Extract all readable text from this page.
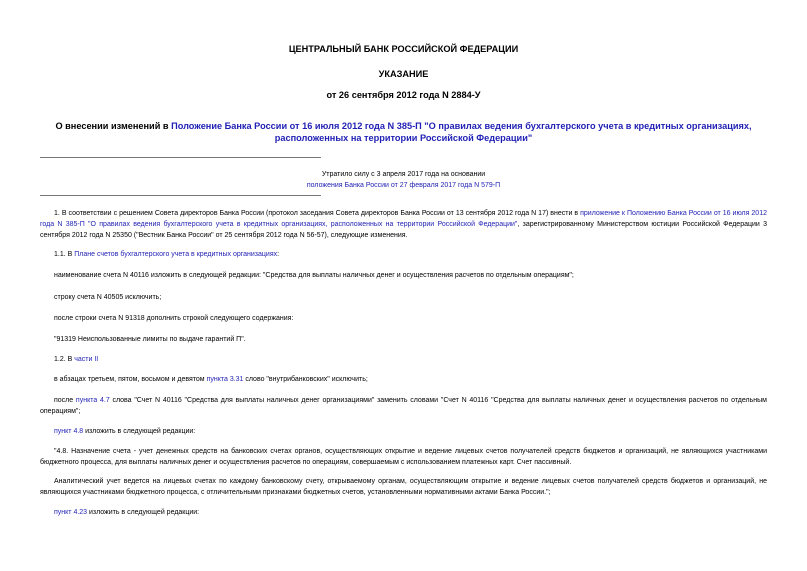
ЦЕНТРАЛЬНЫЙ БАНК РОССИЙСКОЙ ФЕДЕРАЦИИ
УКАЗАНИЕ
от 26 сентября 2012 года N 2884-У
О внесении изменений в Положение Банка России от 16 июля 2012 года N 385-П "О правилах ведения бухгалтерского учета в кредитных организациях, расположенных на территории Российской Федерации"
Утратило силу с 3 апреля 2017 года на основании
положения Банка России от 27 февраля 2017 года N 579-П
1. В соответствии с решением Совета директоров Банка России (протокол заседания Совета директоров Банка России от 13 сентября 2012 года N 17) внести в приложение к Положению Банка России от 16 июля 2012 года N 385-П "О правилах ведения бухгалтерского учета в кредитных организациях, расположенных на территории Российской Федерации", зарегистрированному Министерством юстиции Российской Федерации 3 сентября 2012 года N 25350 ("Вестник Банка России" от 25 сентября 2012 года N 56-57), следующие изменения.
1.1. В Плане счетов бухгалтерского учета в кредитных организациях:
наименование счета N 40116 изложить в следующей редакции: "Средства для выплаты наличных денег и осуществления расчетов по отдельным операциям";
строку счета N 40505 исключить;
после строки счета N 91318 дополнить строкой следующего содержания:
"91319 Неиспользованные лимиты по выдаче гарантий П".
1.2. В части II
в абзацах третьем, пятом, восьмом и девятом пункта 3.31 слово "внутрибанковских" исключить;
после пункта 4.7 слова "Счет N 40116 "Средства для выплаты наличных денег организациями" заменить словами "Счет N 40116 "Средства для выплаты наличных денег и осуществления расчетов по отдельным операциям";
пункт 4.8 изложить в следующей редакции:
"4.8. Назначение счета - учет денежных средств на банковских счетах органов, осуществляющих открытие и ведение лицевых счетов получателей средств бюджетов и организаций, не являющихся участниками бюджетного процесса, для выплаты наличных денег и осуществления расчетов по операциям, совершаемым с использованием платежных карт. Счет пассивный.
Аналитический учет ведется на лицевых счетах по каждому банковскому счету, открываемому органам, осуществляющим открытие и ведение лицевых счетов получателей средств бюджетов и организаций, не являющихся участниками бюджетного процесса, с отличительными признаками бюджетных счетов, установленными нормативными актами Банка России.";
пункт 4.23 изложить в следующей редакции:
